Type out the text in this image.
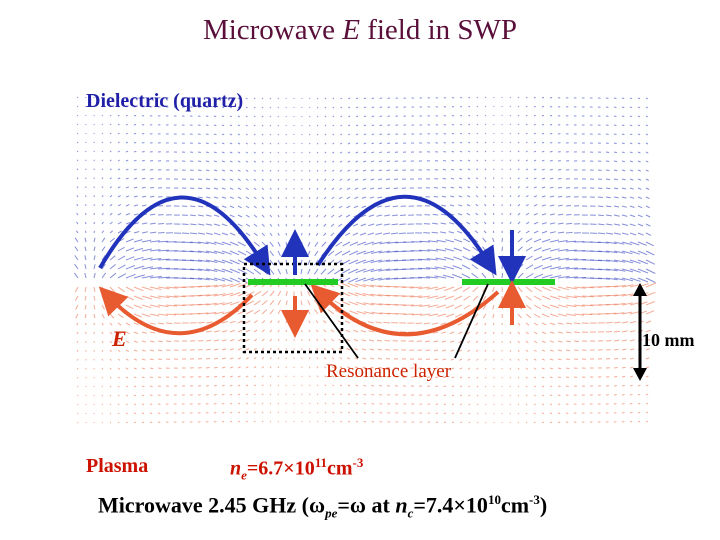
Microwave E field in SWP
Dielectric (quartz)
E	10 mm
Resonance layer
Plasma	$n_e=6.7\times 10^{11}cm^{-3}$
Microwave 2.45 GHz ($\omega_{pe}=\omega$ at $n_c=7.4\times 10^{10}cm^{-3}$)
